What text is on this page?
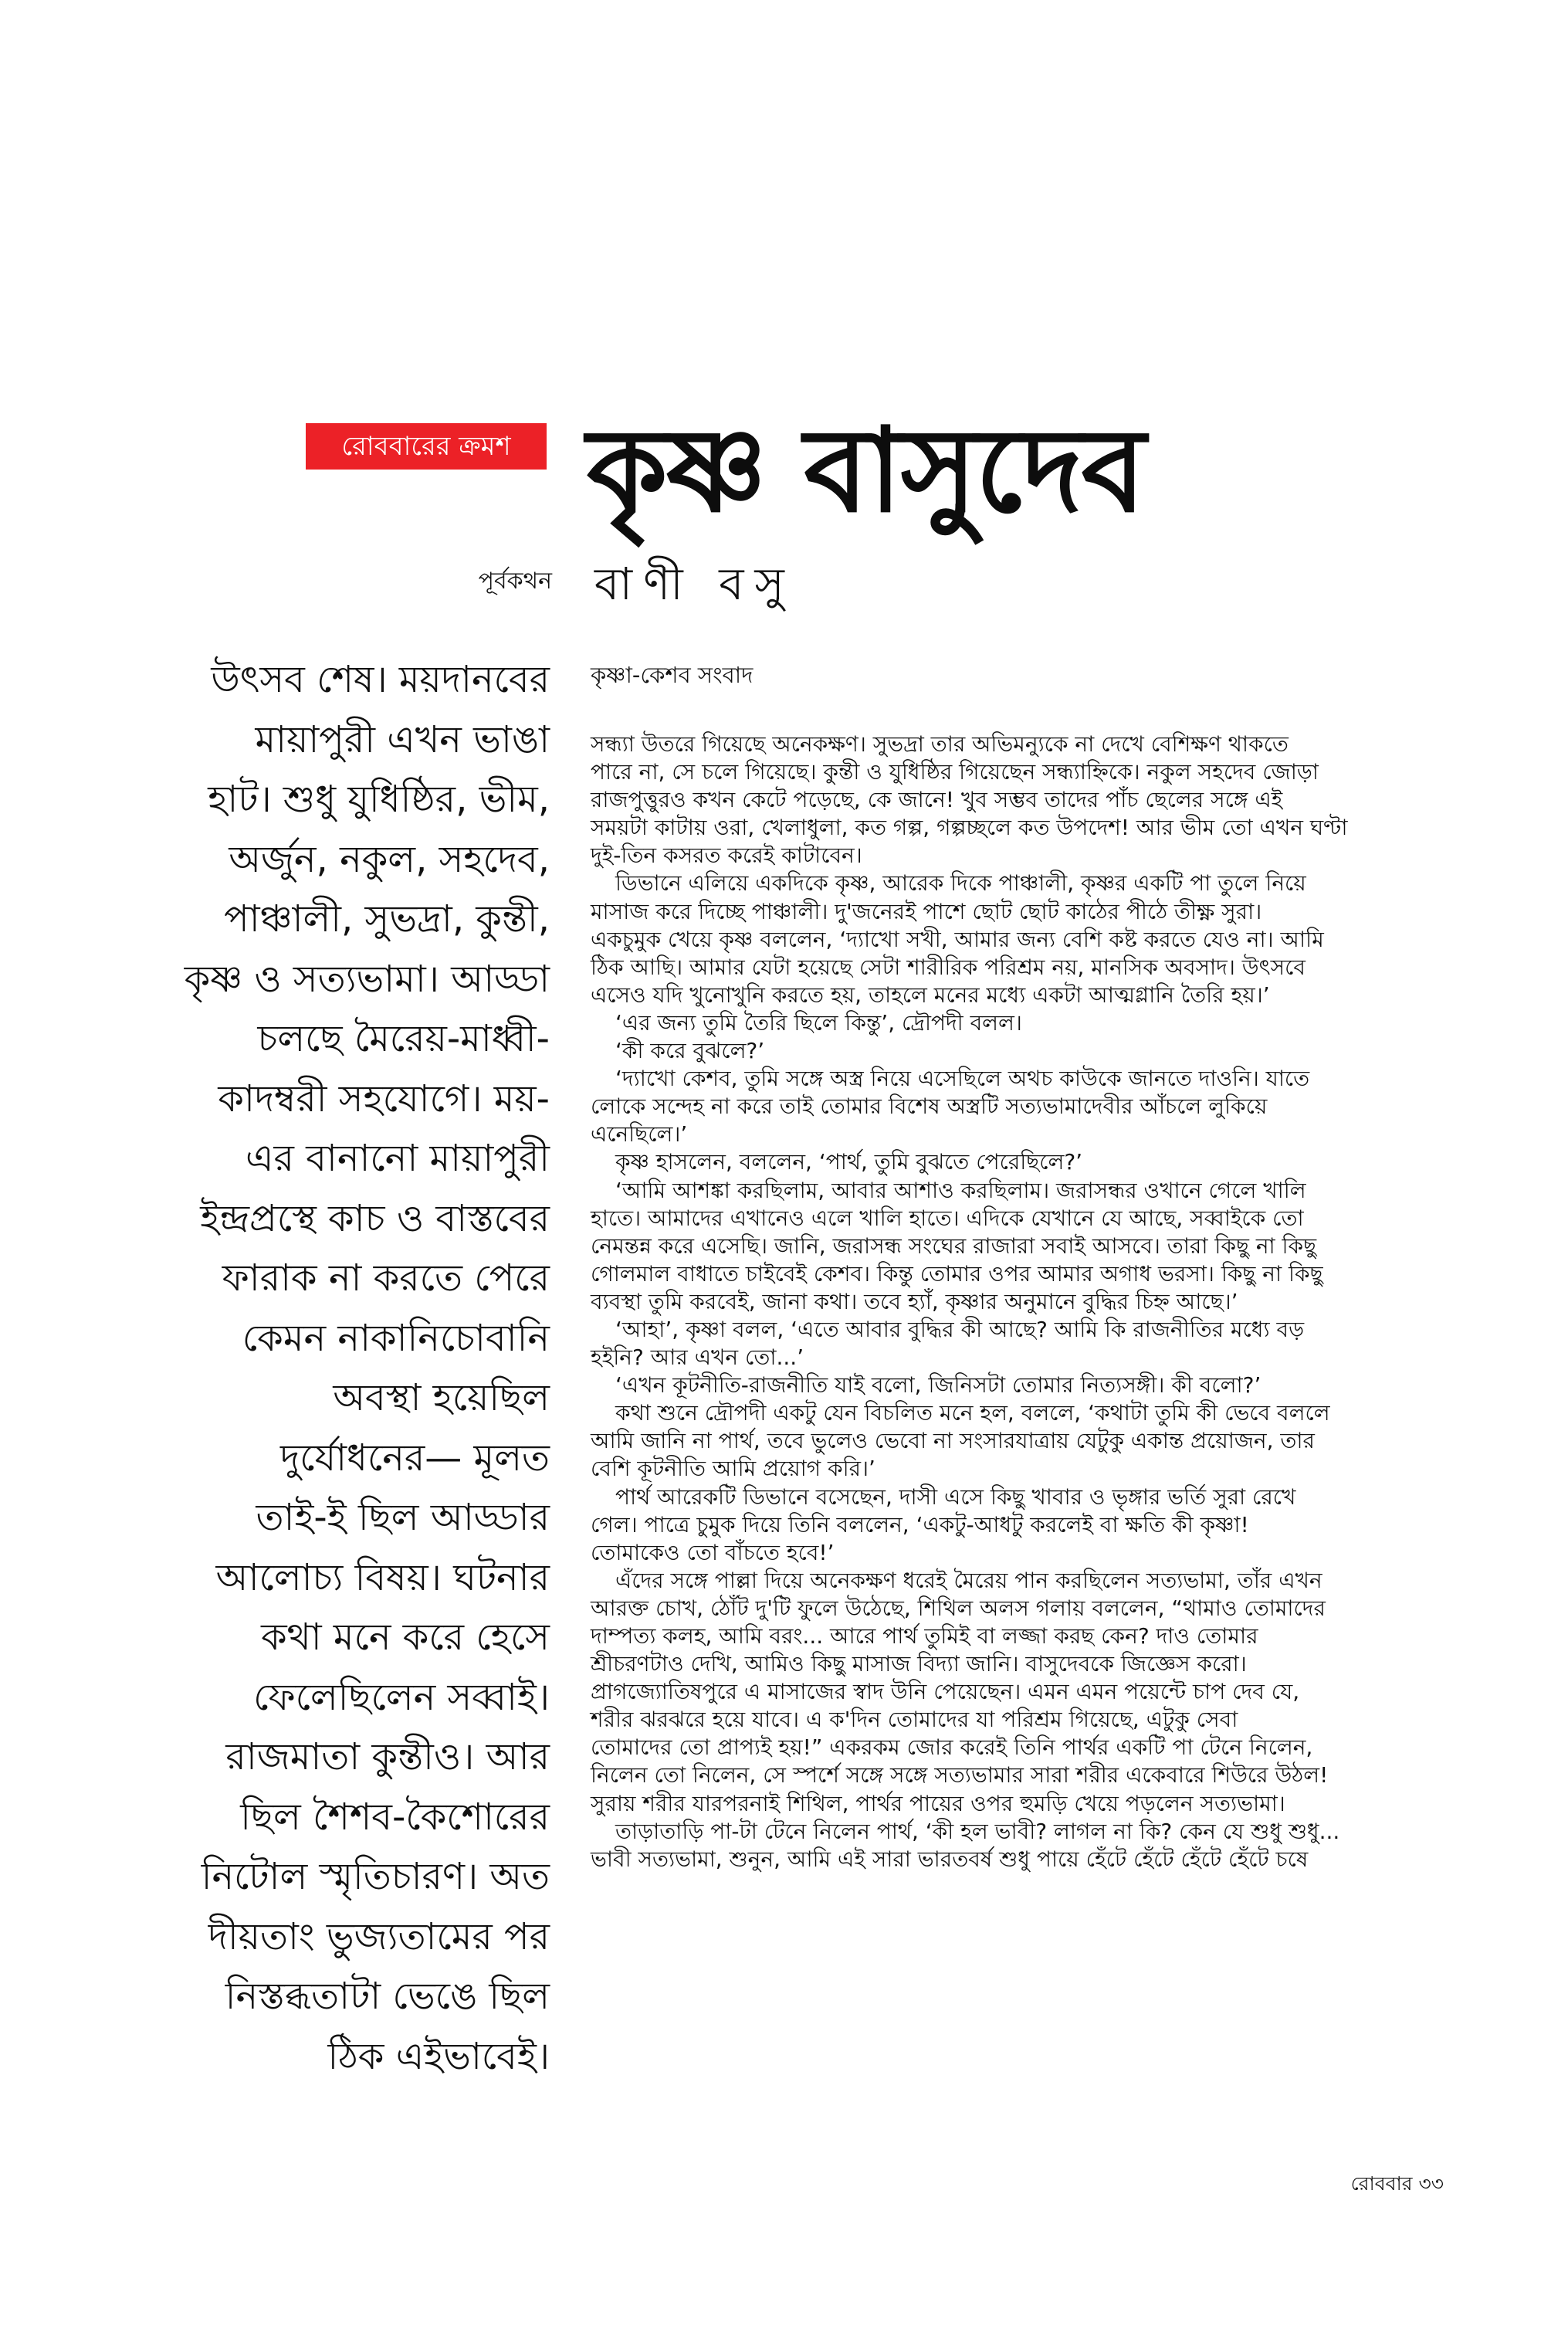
রোববারের ক্রমশ কৃষ্ণ বাসুদেব
পূর্বকথন বাণী বসু
উৎসব শেষ। ময়দানবের
মায়াপুরী এখন ভাঙা
হাট। শুধু যুধিষ্ঠির, ভীম,
অর্জুন, নকুল, সহদেব,
পাঞ্চালী, সুভদ্রা, কুন্তী,
কৃষ্ণ ও সত্যভামা। আড্ডা
চলছে মৈরেয়-মাধ্বী-
কাদম্বরী সহযোগে। ময়-
এর বানানো মায়াপুরী
ইন্দ্রপ্রস্থে কাচ ও বাস্তবের
ফারাক না করতে পেরে
কেমন নাকানিচোবানি
অবস্থা হয়েছিল
দুর্যোধনের— মূলত
তাই-ই ছিল আড্ডার
আলোচ্য বিষয়। ঘটনার
কথা মনে করে হেসে
ফেলেছিলেন সব্বাই।
রাজমাতা কুন্তীও। আর
ছিল শৈশব-কৈশোরের
নিটোল স্মৃতিচারণ। অত
দীয়তাং ভুজ্যতামের পর
নিস্তব্ধতাটা ভেঙে ছিল
ঠিক এইভাবেই।
কৃষ্ণা-কেশব সংবাদ
সন্ধ্যা উতরে গিয়েছে অনেকক্ষণ। সুভদ্রা তার অভিমন্যুকে না দেখে বেশিক্ষণ থাকতে
পারে না, সে চলে গিয়েছে। কুন্তী ও যুধিষ্ঠির গিয়েছেন সন্ধ্যাহ্নিকে। নকুল সহদেব জোড়া
রাজপুত্তুরও কখন কেটে পড়েছে, কে জানে! খুব সম্ভব তাদের পাঁচ ছেলের সঙ্গে এই
সময়টা কাটায় ওরা, খেলাধুলা, কত গল্প, গল্পচ্ছলে কত উপদেশ! আর ভীম তো এখন ঘণ্টা
দুই-তিন কসরত করেই কাটাবেন।
ডিভানে এলিয়ে একদিকে কৃষ্ণ, আরেক দিকে পাঞ্চালী, কৃষ্ণর একটি পা তুলে নিয়ে
মাসাজ করে দিচ্ছে পাঞ্চালী। দু'জনেরই পাশে ছোট ছোট কাঠের পীঠে তীক্ষ্ণ সুরা।
একচুমুক খেয়ে কৃষ্ণ বললেন, ‘দ্যাখো সখী, আমার জন্য বেশি কষ্ট করতে যেও না। আমি
ঠিক আছি। আমার যেটা হয়েছে সেটা শারীরিক পরিশ্রম নয়, মানসিক অবসাদ। উৎসবে
এসেও যদি খুনোখুনি করতে হয়, তাহলে মনের মধ্যে একটা আত্মগ্লানি তৈরি হয়।’
‘এর জন্য তুমি তৈরি ছিলে কিন্তু’, দ্রৌপদী বলল।
‘কী করে বুঝলে?’
‘দ্যাখো কেশব, তুমি সঙ্গে অস্ত্র নিয়ে এসেছিলে অথচ কাউকে জানতে দাওনি। যাতে
লোকে সন্দেহ না করে তাই তোমার বিশেষ অস্ত্রটি সত্যভামাদেবীর আঁচলে লুকিয়ে
এনেছিলে।’
কৃষ্ণ হাসলেন, বললেন, ‘পার্থ, তুমি বুঝতে পেরেছিলে?’
‘আমি আশঙ্কা করছিলাম, আবার আশাও করছিলাম। জরাসন্ধর ওখানে গেলে খালি
হাতে। আমাদের এখানেও এলে খালি হাতে। এদিকে যেখানে যে আছে, সব্বাইকে তো
নেমন্তন্ন করে এসেছি। জানি, জরাসন্ধ সংঘের রাজারা সবাই আসবে। তারা কিছু না কিছু
গোলমাল বাধাতে চাইবেই কেশব। কিন্তু তোমার ওপর আমার অগাধ ভরসা। কিছু না কিছু
ব্যবস্থা তুমি করবেই, জানা কথা। তবে হ্যাঁ, কৃষ্ণার অনুমানে বুদ্ধির চিহ্ন আছে।’
‘আহা’, কৃষ্ণা বলল, ‘এতে আবার বুদ্ধির কী আছে? আমি কি রাজনীতির মধ্যে বড়
হইনি? আর এখন তো...’
‘এখন কূটনীতি-রাজনীতি যাই বলো, জিনিসটা তোমার নিত্যসঙ্গী। কী বলো?’
কথা শুনে দ্রৌপদী একটু যেন বিচলিত মনে হল, বললে, ‘কথাটা তুমি কী ভেবে বললে
আমি জানি না পার্থ, তবে ভুলেও ভেবো না সংসারযাত্রায় যেটুকু একান্ত প্রয়োজন, তার
বেশি কূটনীতি আমি প্রয়োগ করি।’
পার্থ আরেকটি ডিভানে বসেছেন, দাসী এসে কিছু খাবার ও ভৃঙ্গার ভর্তি সুরা রেখে
গেল। পাত্রে চুমুক দিয়ে তিনি বললেন, ‘একটু-আধটু করলেই বা ক্ষতি কী কৃষ্ণা!
তোমাকেও তো বাঁচতে হবে!’
এঁদের সঙ্গে পাল্লা দিয়ে অনেকক্ষণ ধরেই মৈরেয় পান করছিলেন সত্যভামা, তাঁর এখন
আরক্ত চোখ, ঠোঁট দু'টি ফুলে উঠেছে, শিথিল অলস গলায় বললেন, “থামাও তোমাদের
দাম্পত্য কলহ, আমি বরং... আরে পার্থ তুমিই বা লজ্জা করছ কেন? দাও তোমার
শ্রীচরণটাও দেখি, আমিও কিছু মাসাজ বিদ্যা জানি। বাসুদেবকে জিজ্ঞেস করো।
প্রাগজ্যোতিষপুরে এ মাসাজের স্বাদ উনি পেয়েছেন। এমন এমন পয়েন্টে চাপ দেব যে,
শরীর ঝরঝরে হয়ে যাবে। এ ক'দিন তোমাদের যা পরিশ্রম গিয়েছে, এটুকু সেবা
তোমাদের তো প্রাপ্যই হয়!” একরকম জোর করেই তিনি পার্থর একটি পা টেনে নিলেন,
নিলেন তো নিলেন, সে স্পর্শে সঙ্গে সঙ্গে সত্যভামার সারা শরীর একেবারে শিউরে উঠল!
সুরায় শরীর যারপরনাই শিথিল, পার্থর পায়ের ওপর হুমড়ি খেয়ে পড়লেন সত্যভামা।
তাড়াতাড়ি পা-টা টেনে নিলেন পার্থ, ‘কী হল ভাবী? লাগল না কি? কেন যে শুধু শুধু...
ভাবী সত্যভামা, শুনুন, আমি এই সারা ভারতবর্ষ শুধু পায়ে হেঁটে হেঁটে হেঁটে হেঁটে চষে
রোববার ৩৩
